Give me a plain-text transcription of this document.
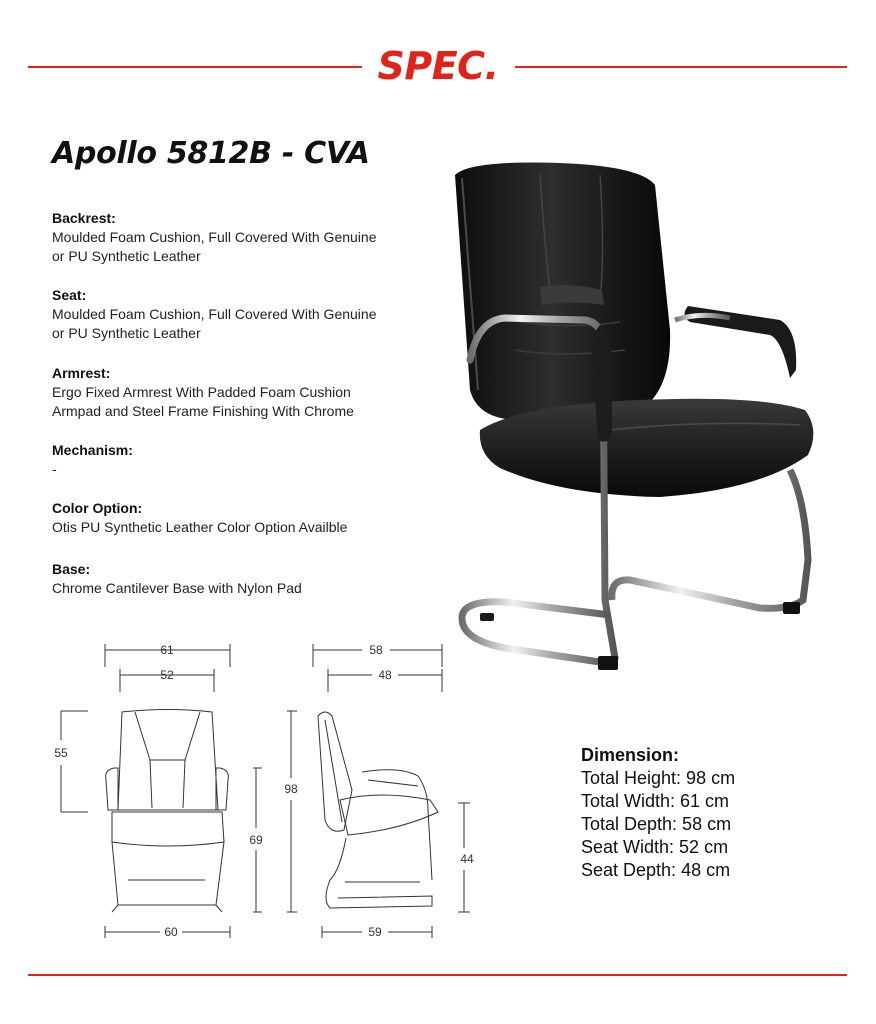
SPEC.
Apollo 5812B - CVA
Backrest:
Moulded Foam Cushion, Full Covered With Genuine
or PU Synthetic Leather
Seat:
Moulded Foam Cushion, Full Covered With Genuine
or PU Synthetic Leather
Armrest:
Ergo Fixed Armrest With Padded Foam Cushion
Armpad and Steel Frame Finishing With Chrome
Mechanism:
-
Color Option:
Otis PU Synthetic Leather Color Option Availble
Base:
Chrome Cantilever Base with Nylon Pad
61
52
55
69
60
58
48
98
44
59
Dimension:
Total Height: 98 cm
Total Width: 61 cm
Total Depth: 58 cm
Seat Width: 52 cm
Seat Depth: 48 cm
